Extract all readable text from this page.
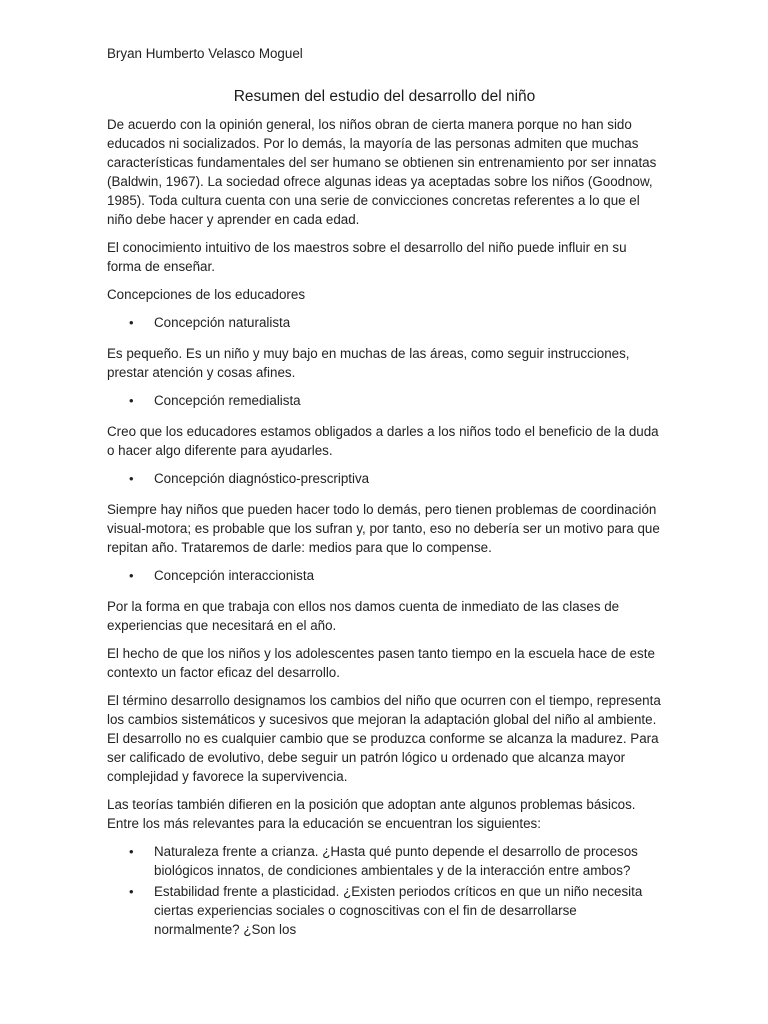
Bryan Humberto Velasco Moguel
Resumen del estudio del desarrollo del niño

De acuerdo con la opinión general, los niños obran de cierta manera porque no han sido educados ni socializados. Por lo demás, la mayoría de las personas admiten que muchas características fundamentales del ser humano se obtienen sin entrenamiento por ser innatas (Baldwin, 1967). La sociedad ofrece algunas ideas ya aceptadas sobre los niños (Goodnow, 1985). Toda cultura cuenta con una serie de convicciones concretas referentes a lo que el niño debe hacer y aprender en cada edad.

El conocimiento intuitivo de los maestros sobre el desarrollo del niño puede influir en su forma de enseñar.

Concepciones de los educadores

• Concepción naturalista

Es pequeño. Es un niño y muy bajo en muchas de las áreas, como seguir instrucciones, prestar atención y cosas afines.

• Concepción remedialista

Creo que los educadores estamos obligados a darles a los niños todo el beneficio de la duda o hacer algo diferente para ayudarles.

• Concepción diagnóstico-prescriptiva

Siempre hay niños que pueden hacer todo lo demás, pero tienen problemas de coordinación visual-motora; es probable que los sufran y, por tanto, eso no debería ser un motivo para que repitan año. Trataremos de darle: medios para que lo compense.

• Concepción interaccionista

Por la forma en que trabaja con ellos nos damos cuenta de inmediato de las clases de experiencias que necesitará en el año.

El hecho de que los niños y los adolescentes pasen tanto tiempo en la escuela hace de este contexto un factor eficaz del desarrollo.

El término desarrollo designamos los cambios del niño que ocurren con el tiempo, representa los cambios sistemáticos y sucesivos que mejoran la adaptación global del niño al ambiente. El desarrollo no es cualquier cambio que se produzca conforme se alcanza la madurez. Para ser calificado de evolutivo, debe seguir un patrón lógico u ordenado que alcanza mayor complejidad y favorece la supervivencia.

Las teorías también difieren en la posición que adoptan ante algunos problemas básicos. Entre los más relevantes para la educación se encuentran los siguientes:

• Naturaleza frente a crianza. ¿Hasta qué punto depende el desarrollo de procesos biológicos innatos, de condiciones ambientales y de la interacción entre ambos?
• Estabilidad frente a plasticidad. ¿Existen periodos críticos en que un niño necesita ciertas experiencias sociales o cognoscitivas con el fin de desarrollarse normalmente? ¿Son los
